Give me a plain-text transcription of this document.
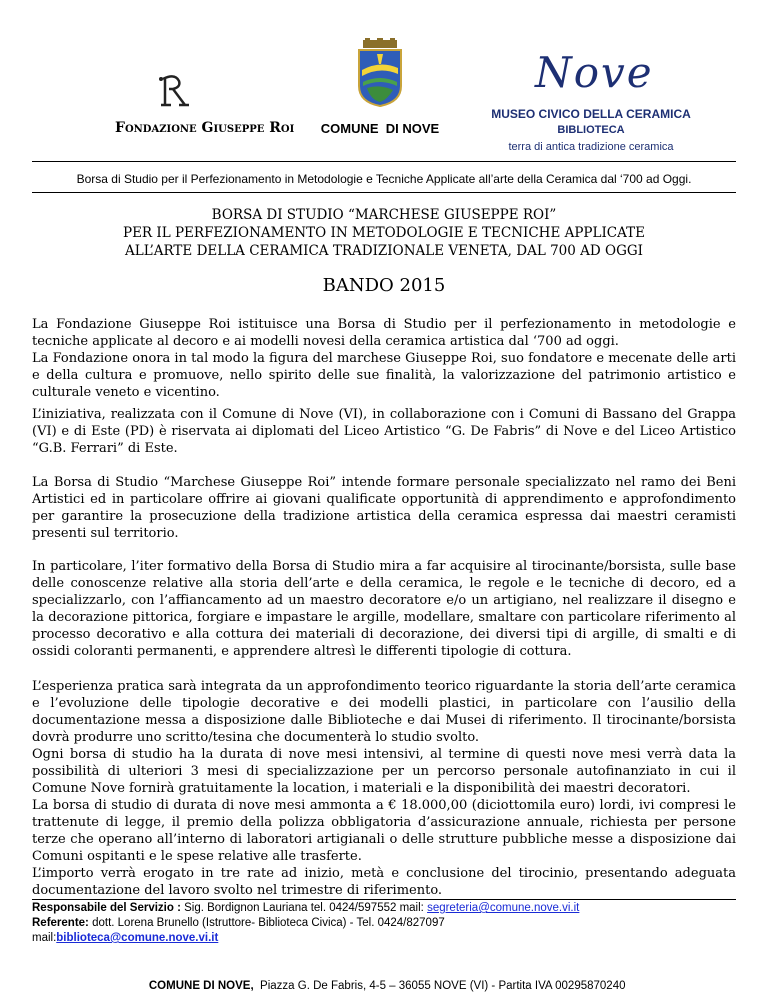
Fondazione Giuseppe Roi	COMUNE  DI NOVE
Nove
MUSEO CIVICO DELLA CERAMICA
BIBLIOTECA
terra di antica tradizione ceramica
Borsa di Studio per il Perfezionamento in Metodologie e Tecniche Applicate all’arte della Ceramica dal ‘700 ad Oggi.
BORSA DI STUDIO “MARCHESE GIUSEPPE ROI”
PER IL PERFEZIONAMENTO IN METODOLOGIE E TECNICHE APPLICATE
ALL’ARTE DELLA CERAMICA TRADIZIONALE VENETA, DAL 700 AD OGGI
BANDO 2015

La Fondazione Giuseppe Roi istituisce una Borsa di Studio per il perfezionamento in metodologie e tecniche applicate al decoro e ai modelli novesi della ceramica artistica dal ‘700 ad oggi.

La Fondazione onora in tal modo la figura del marchese Giuseppe Roi, suo fondatore e mecenate delle arti e della cultura e promuove, nello spirito delle sue finalità, la valorizzazione del patrimonio artistico e culturale veneto e vicentino.

L’iniziativa, realizzata con il Comune di Nove (VI), in collaborazione con i Comuni di Bassano del Grappa (VI) e di Este (PD) è riservata ai diplomati del Liceo Artistico “G. De Fabris” di Nove e del Liceo Artistico “G.B. Ferrari” di Este.

La Borsa di Studio “Marchese Giuseppe Roi” intende formare personale specializzato nel ramo dei Beni Artistici ed in particolare offrire ai giovani qualificate opportunità di apprendimento e approfondimento per garantire la prosecuzione della tradizione artistica della ceramica espressa dai maestri ceramisti presenti sul territorio.

In particolare, l’iter formativo della Borsa di Studio mira a far acquisire al tirocinante/borsista, sulle base delle conoscenze relative alla storia dell’arte e della ceramica, le regole e le tecniche di decoro, ed a specializzarlo, con l’affiancamento ad un maestro decoratore e/o un artigiano, nel realizzare il disegno e la decorazione pittorica, forgiare e impastare le argille, modellare, smaltare con particolare riferimento al processo decorativo e alla cottura dei materiali di decorazione, dei diversi tipi di argille, di smalti e di ossidi coloranti permanenti, e apprendere altresì le differenti tipologie di cottura.

L’esperienza pratica sarà integrata da un approfondimento teorico riguardante la storia dell’arte ceramica e l’evoluzione delle tipologie decorative e dei modelli plastici, in particolare con l’ausilio della documentazione messa a disposizione dalle Biblioteche e dai Musei di riferimento. Il tirocinante/borsista dovrà produrre uno scritto/tesina che documenterà lo studio svolto.

Ogni borsa di studio ha la durata di nove mesi intensivi, al termine di questi nove mesi verrà data la possibilità di ulteriori 3 mesi di specializzazione per un percorso personale autofinanziato in cui il Comune Nove fornirà gratuitamente la location, i materiali e la disponibilità dei maestri decoratori.

La borsa di studio di durata di nove mesi ammonta a € 18.000,00 (diciottomila euro) lordi, ivi compresi le trattenute di legge, il premio della polizza obbligatoria d’assicurazione annuale, richiesta per persone terze che operano all’interno di laboratori artigianali o delle strutture pubbliche messe a disposizione dai Comuni ospitanti e le spese relative alle trasferte.

L’importo verrà erogato in tre rate ad inizio, metà e conclusione del tirocinio, presentando adeguata documentazione del lavoro svolto nel trimestre di riferimento.

Responsabile del Servizio : Sig. Bordignon Lauriana tel. 0424/597552 mail: segreteria@comune.nove.vi.it
Referente: dott. Lorena Brunello (Istruttore- Biblioteca Civica) - Tel. 0424/827097
mail:biblioteca@comune.nove.vi.it

COMUNE DI NOVE,  Piazza G. De Fabris, 4-5 – 36055 NOVE (VI) - Partita IVA 00295870240
